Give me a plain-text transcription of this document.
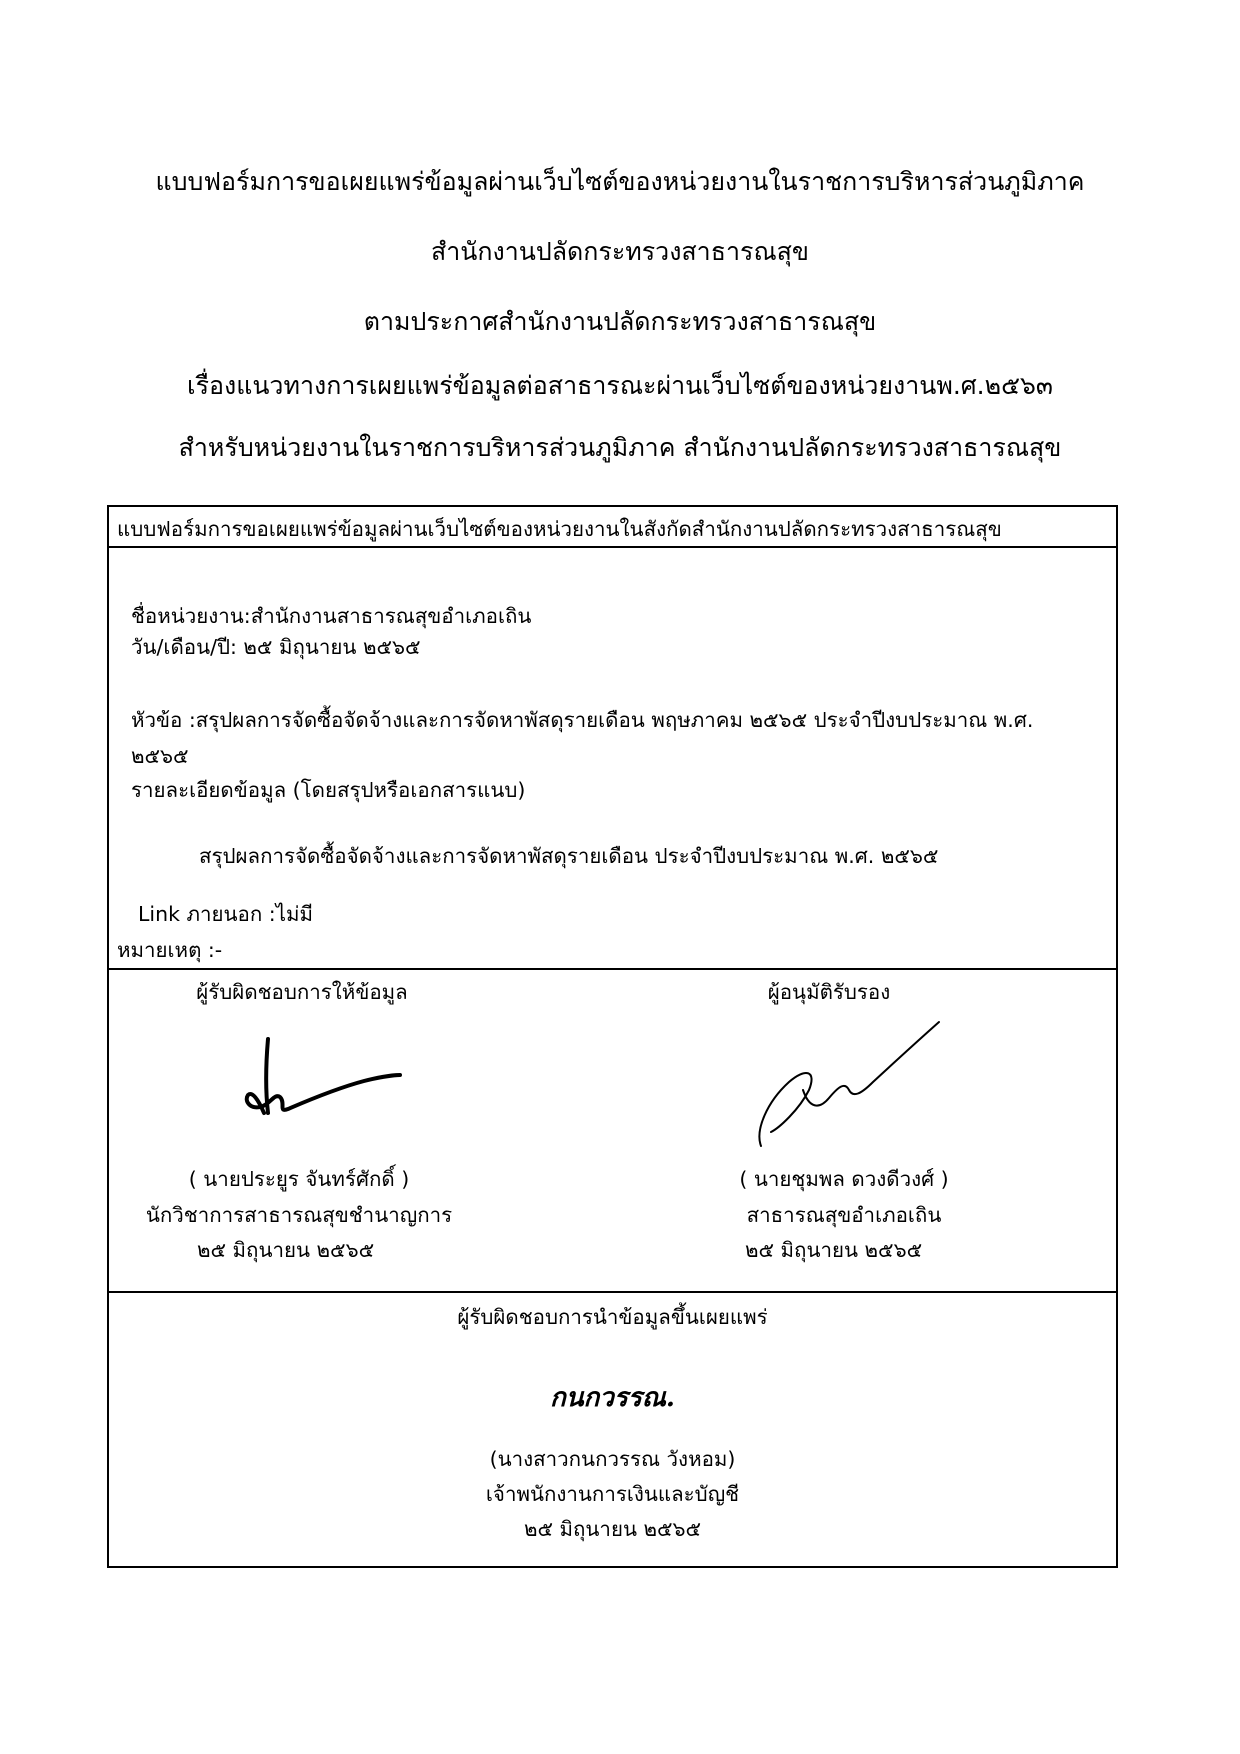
แบบฟอร์มการขอเผยแพร่ข้อมูลผ่านเว็บไซต์ของหน่วยงานในราชการบริหารส่วนภูมิภาค
สำนักงานปลัดกระทรวงสาธารณสุข
ตามประกาศสำนักงานปลัดกระทรวงสาธารณสุข
เรื่องแนวทางการเผยแพร่ข้อมูลต่อสาธารณะผ่านเว็บไซต์ของหน่วยงานพ.ศ.๒๕๖๓
สำหรับหน่วยงานในราชการบริหารส่วนภูมิภาค สำนักงานปลัดกระทรวงสาธารณสุข
แบบฟอร์มการขอเผยแพร่ข้อมูลผ่านเว็บไซต์ของหน่วยงานในสังกัดสำนักงานปลัดกระทรวงสาธารณสุข
ชื่อหน่วยงาน:สำนักงานสาธารณสุขอำเภอเถิน
วัน/เดือน/ปี: ๒๕ มิถุนายน ๒๕๖๕
หัวข้อ :สรุปผลการจัดซื้อจัดจ้างและการจัดหาพัสดุรายเดือน พฤษภาคม ๒๕๖๕ ประจำปีงบประมาณ พ.ศ.
๒๕๖๕
รายละเอียดข้อมูล (โดยสรุปหรือเอกสารแนบ)
สรุปผลการจัดซื้อจัดจ้างและการจัดหาพัสดุรายเดือน ประจำปีงบประมาณ พ.ศ. ๒๕๖๕
Link ภายนอก :ไม่มี
หมายเหตุ :-
ผู้รับผิดชอบการให้ข้อมูล
( นายประยูร จันทร์ศักดิ์ )
นักวิชาการสาธารณสุขชำนาญการ
๒๕ มิถุนายน ๒๕๖๕
ผู้อนุมัติรับรอง
( นายชุมพล ดวงดีวงศ์ )
สาธารณสุขอำเภอเถิน
๒๕ มิถุนายน ๒๕๖๕
ผู้รับผิดชอบการนำข้อมูลขึ้นเผยแพร่
กนกวรรณ.
(นางสาวกนกวรรณ วังหอม)
เจ้าพนักงานการเงินและบัญชี
๒๕ มิถุนายน ๒๕๖๕
